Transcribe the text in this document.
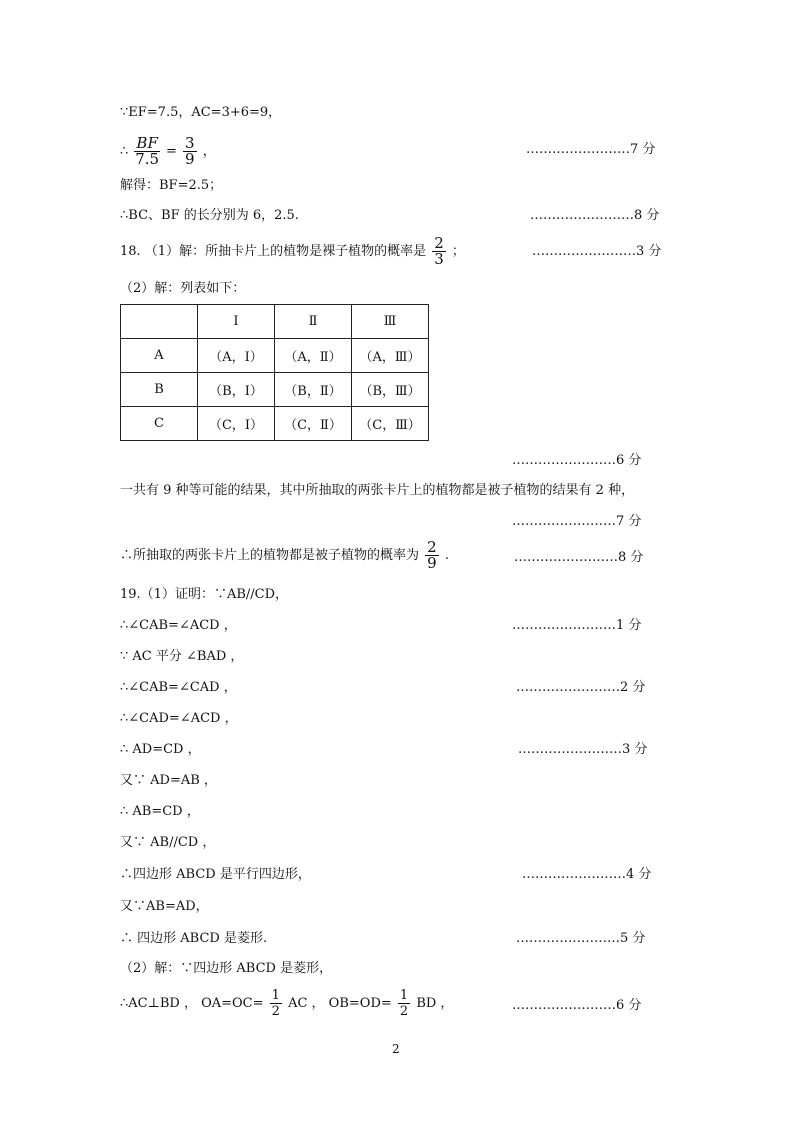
∵EF=7.5，AC=3+6=9，
∴ $\frac{BF}{7.5} = \frac{3}{9}$ ，	……………………7 分
解得：BF=2.5；
∴BC、BF 的长分别为 6，2.5.	……………………8 分
18. （1）解：所抽卡片上的植物是裸子植物的概率是 $\frac{2}{3}$ ；	……………………3 分
（2）解：列表如下：
	Ⅰ	Ⅱ	Ⅲ
A	（A，Ⅰ）	（A，Ⅱ）	（A，Ⅲ）
B	（B，Ⅰ）	（B，Ⅱ）	（B，Ⅲ）
C	（C，Ⅰ）	（C，Ⅱ）	（C，Ⅲ）
……………………6 分
一共有 9 种等可能的结果，其中所抽取的两张卡片上的植物都是被子植物的结果有 2 种，
……………………7 分
∴所抽取的两张卡片上的植物都是被子植物的概率为 $\frac{2}{9}$ .	……………………8 分
19.（1）证明：∵AB//CD，
∴∠CAB=∠ACD ，	……………………1 分
∵ AC 平分 ∠BAD ，
∴∠CAB=∠CAD ，	……………………2 分
∴∠CAD=∠ACD ，
∴ AD=CD ，	……………………3 分
又∵ AD=AB ，
∴ AB=CD ，
又∵ AB//CD ，
∴四边形 ABCD 是平行四边形，	……………………4 分
又∵AB=AD，
∴ 四边形 ABCD 是菱形.	……………………5 分
（2）解：∵四边形 ABCD 是菱形，
∴AC⊥BD ， $OA=OC= \frac{1}{2}$ AC ， $OB=OD= \frac{1}{2}$ BD ，	……………………6 分
2
